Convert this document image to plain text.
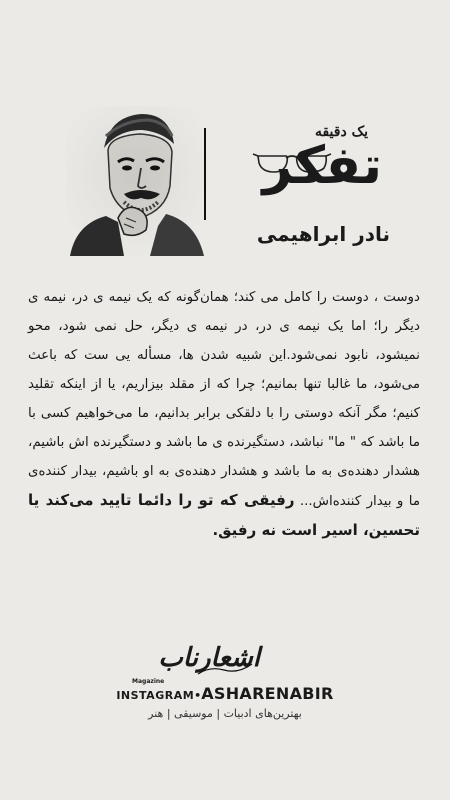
یک دقیقه
تفکر
نادر ابراهیمی

دوست ، دوست را کامل می کند؛ همان‌گونه که یک نیمه ی در، نیمه ی دیگر را؛ اما یک نیمه ی در، در نیمه ی دیگر، حل نمی شود، محو نمیشود، نابود نمی‌شود.این شبیه شدن ها، مسأله یی ست که باعث می‌شود، ما غالبا تنها بمانیم؛ چرا که از مقلد بیزاریم، یا از اینکه تقلید کنیم؛ مگر آنکه دوستی را با دلقکی برابر بدانیم، ما می‌خواهیم کسی با ما باشد که " ما" نباشد، دستگیرنده ی ما باشد و دستگیرنده اش باشیم، هشدار دهنده‌ی به ما باشد و هشدار دهنده‌ی به او باشیم، بیدار کننده‌ی ما و بیدار کننده‌اش... رفیقی که تو را دائما تایید می‌کند یا تحسین، اسیر است نه رفیق.

اشعارناب
Magazine
INSTAGRAM•ASHARENABIR
بهترین‌های ادبیات | موسیقی | هنر
